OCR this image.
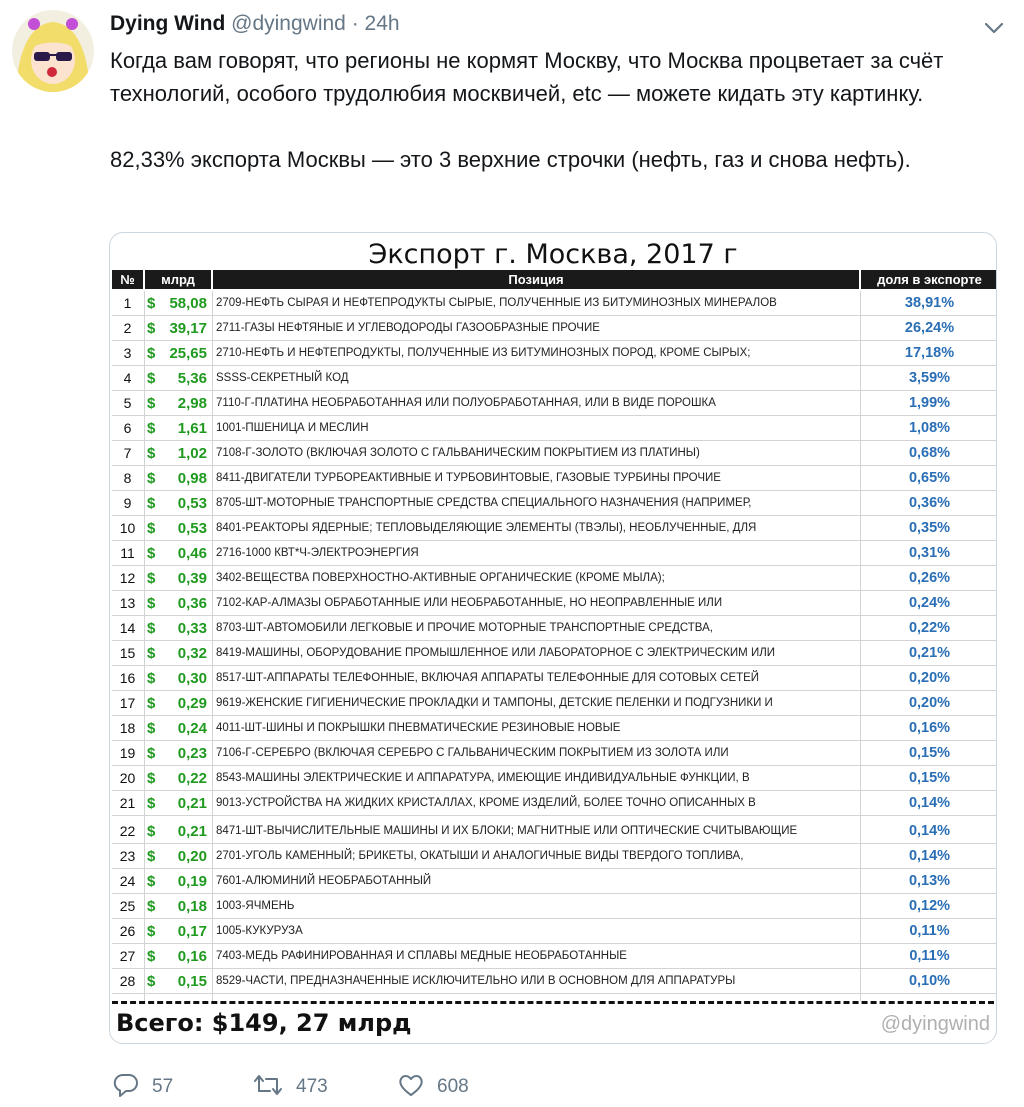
Dying Wind @dyingwind · 24h
Когда вам говорят, что регионы не кормят Москву, что Москва процветает за счёт технологий, особого трудолюбия москвичей, etc — можете кидать эту картинку.
82,33% экспорта Москвы — это 3 верхние строчки (нефть, газ и снова нефть).
Экспорт г. Москва, 2017 г
№	млрд	Позиция	доля в экспорте
1	$ 58,08 2709-НЕФТЬ СЫРАЯ И НЕФТЕПРОДУКТЫ СЫРЫЕ, ПОЛУЧЕННЫЕ ИЗ БИТУМИНОЗНЫХ МИНЕРАЛОВ	38,91%
2	$ 39,17 2711-ГАЗЫ НЕФТЯНЫЕ И УГЛЕВОДОРОДЫ ГАЗООБРАЗНЫЕ ПРОЧИЕ	26,24%
3	$ 25,65 2710-НЕФТЬ И НЕФТЕПРОДУКТЫ, ПОЛУЧЕННЫЕ ИЗ БИТУМИНОЗНЫХ ПОРОД, КРОМЕ СЫРЫХ;	17,18%
4	$ 5,36 SSSS-СЕКРЕТНЫЙ КОД	3,59%
5	$ 2,98 7110-Г-ПЛАТИНА НЕОБРАБОТАННАЯ ИЛИ ПОЛУОБРАБОТАННАЯ, ИЛИ В ВИДЕ ПОРОШКА	1,99%
6	$ 1,61 1001-ПШЕНИЦА И МЕСЛИН	1,08%
7	$ 1,02 7108-Г-ЗОЛОТО (ВКЛЮЧАЯ ЗОЛОТО С ГАЛЬВАНИЧЕСКИМ ПОКРЫТИЕМ ИЗ ПЛАТИНЫ)	0,68%
8	$ 0,98 8411-ДВИГАТЕЛИ ТУРБОРЕАКТИВНЫЕ И ТУРБОВИНТОВЫЕ, ГАЗОВЫЕ ТУРБИНЫ ПРОЧИЕ	0,65%
9	$ 0,53 8705-ШТ-МОТОРНЫЕ ТРАНСПОРТНЫЕ СРЕДСТВА СПЕЦИАЛЬНОГО НАЗНАЧЕНИЯ (НАПРИМЕР,	0,36%
10 $ 0,53 8401-РЕАКТОРЫ ЯДЕРНЫЕ; ТЕПЛОВЫДЕЛЯЮЩИЕ ЭЛЕМЕНТЫ (ТВЭЛЫ), НЕОБЛУЧЕННЫЕ, ДЛЯ	0,35%
11 $ 0,46 2716-1000 КВТ*Ч-ЭЛЕКТРОЭНЕРГИЯ	0,31%
12 $ 0,39 3402-ВЕЩЕСТВА ПОВЕРХНОСТНО-АКТИВНЫЕ ОРГАНИЧЕСКИЕ (КРОМЕ МЫЛА);	0,26%
13 $ 0,36 7102-КАР-АЛМАЗЫ ОБРАБОТАННЫЕ ИЛИ НЕОБРАБОТАННЫЕ, НО НЕОПРАВЛЕННЫЕ ИЛИ	0,24%
14 $ 0,33 8703-ШТ-АВТОМОБИЛИ ЛЕГКОВЫЕ И ПРОЧИЕ МОТОРНЫЕ ТРАНСПОРТНЫЕ СРЕДСТВА,	0,22%
15 $ 0,32 8419-МАШИНЫ, ОБОРУДОВАНИЕ ПРОМЫШЛЕННОЕ ИЛИ ЛАБОРАТОРНОЕ С ЭЛЕКТРИЧЕСКИМ ИЛИ	0,21%
16 $ 0,30 8517-ШТ-АППАРАТЫ ТЕЛЕФОННЫЕ, ВКЛЮЧАЯ АППАРАТЫ ТЕЛЕФОННЫЕ ДЛЯ СОТОВЫХ СЕТЕЙ	0,20%
17 $ 0,29 9619-ЖЕНСКИЕ ГИГИЕНИЧЕСКИЕ ПРОКЛАДКИ И ТАМПОНЫ, ДЕТСКИЕ ПЕЛЕНКИ И ПОДГУЗНИКИ И	0,20%
18 $ 0,24 4011-ШТ-ШИНЫ И ПОКРЫШКИ ПНЕВМАТИЧЕСКИЕ РЕЗИНОВЫЕ НОВЫЕ	0,16%
19 $ 0,23 7106-Г-СЕРЕБРО (ВКЛЮЧАЯ СЕРЕБРО С ГАЛЬВАНИЧЕСКИМ ПОКРЫТИЕМ ИЗ ЗОЛОТА ИЛИ	0,15%
20 $ 0,22 8543-МАШИНЫ ЭЛЕКТРИЧЕСКИЕ И АППАРАТУРА, ИМЕЮЩИЕ ИНДИВИДУАЛЬНЫЕ ФУНКЦИИ, В	0,15%
21 $ 0,21 9013-УСТРОЙСТВА НА ЖИДКИХ КРИСТАЛЛАХ, КРОМЕ ИЗДЕЛИЙ, БОЛЕЕ ТОЧНО ОПИСАННЫХ В	0,14%
22 $ 0,21 8471-ШТ-ВЫЧИСЛИТЕЛЬНЫЕ МАШИНЫ И ИХ БЛОКИ; МАГНИТНЫЕ ИЛИ ОПТИЧЕСКИЕ СЧИТЫВАЮЩИЕ	0,14%
23 $ 0,20 2701-УГОЛЬ КАМЕННЫЙ; БРИКЕТЫ, ОКАТЫШИ И АНАЛОГИЧНЫЕ ВИДЫ ТВЕРДОГО ТОПЛИВА,	0,14%
24 $ 0,19 7601-АЛЮМИНИЙ НЕОБРАБОТАННЫЙ	0,13%
25 $ 0,18 1003-ЯЧМЕНЬ	0,12%
26 $ 0,17 1005-КУКУРУЗА	0,11%
27 $ 0,16 7403-МЕДЬ РАФИНИРОВАННАЯ И СПЛАВЫ МЕДНЫЕ НЕОБРАБОТАННЫЕ	0,11%
28 $ 0,15 8529-ЧАСТИ, ПРЕДНАЗНАЧЕННЫЕ ИСКЛЮЧИТЕЛЬНО ИЛИ В ОСНОВНОМ ДЛЯ АППАРАТУРЫ	0,10%
Всего: $149, 27 млрд	@dyingwind
57	473	608
